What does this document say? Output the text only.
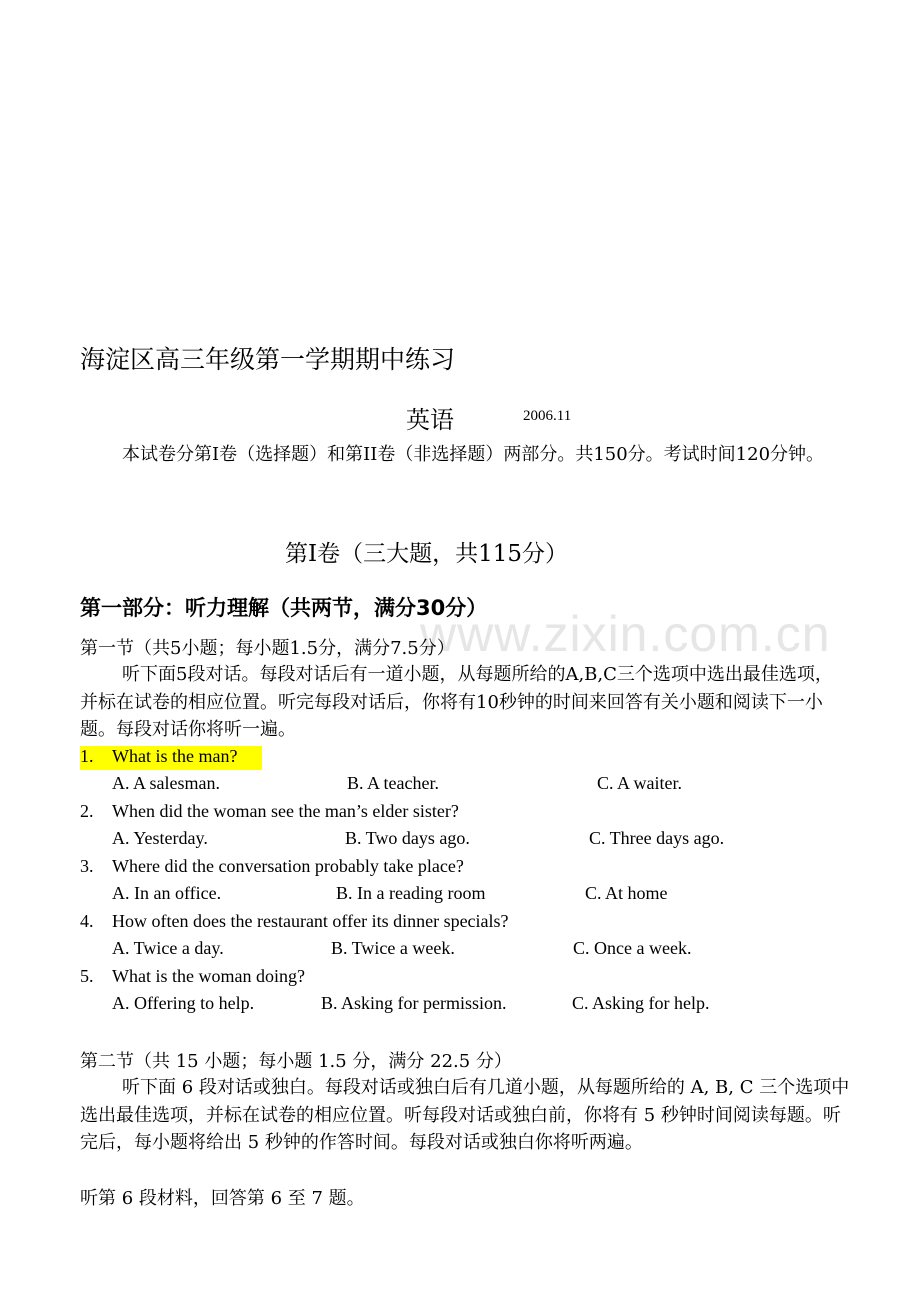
www.zixin.com.cn
海淀区高三年级第一学期期中练习
英语	2006.11
本试卷分第I卷（选择题）和第II卷（非选择题）两部分。共150分。考试时间120分钟。
第I卷（三大题，共115分）
第一部分：听力理解（共两节，满分30分）
第一节（共5小题；每小题1.5分，满分7.5分）
听下面5段对话。每段对话后有一道小题，从每题所给的A,B,C三个选项中选出最佳选项，并标在试卷的相应位置。听完每段对话后，你将有10秒钟的时间来回答有关小题和阅读下一小题。每段对话你将听一遍。
1. What is the man?
A. A salesman.	B. A teacher.	C. A waiter.
2. When did the woman see the man’s elder sister?
A. Yesterday.	B. Two days ago.	C. Three days ago.
3. Where did the conversation probably take place?
A. In an office.	B. In a reading room	C. At home
4. How often does the restaurant offer its dinner specials?
A. Twice a day.	B. Twice a week.	C. Once a week.
5. What is the woman doing?
A. Offering to help.	B. Asking for permission.	C. Asking for help.
第二节（共 15 小题；每小题 1.5 分，满分 22.5 分）
听下面 6 段对话或独白。每段对话或独白后有几道小题，从每题所给的 A, B, C 三个选项中选出最佳选项，并标在试卷的相应位置。听每段对话或独白前，你将有 5 秒钟时间阅读每题。听完后，每小题将给出 5 秒钟的作答时间。每段对话或独白你将听两遍。
听第 6 段材料，回答第 6 至 7 题。
